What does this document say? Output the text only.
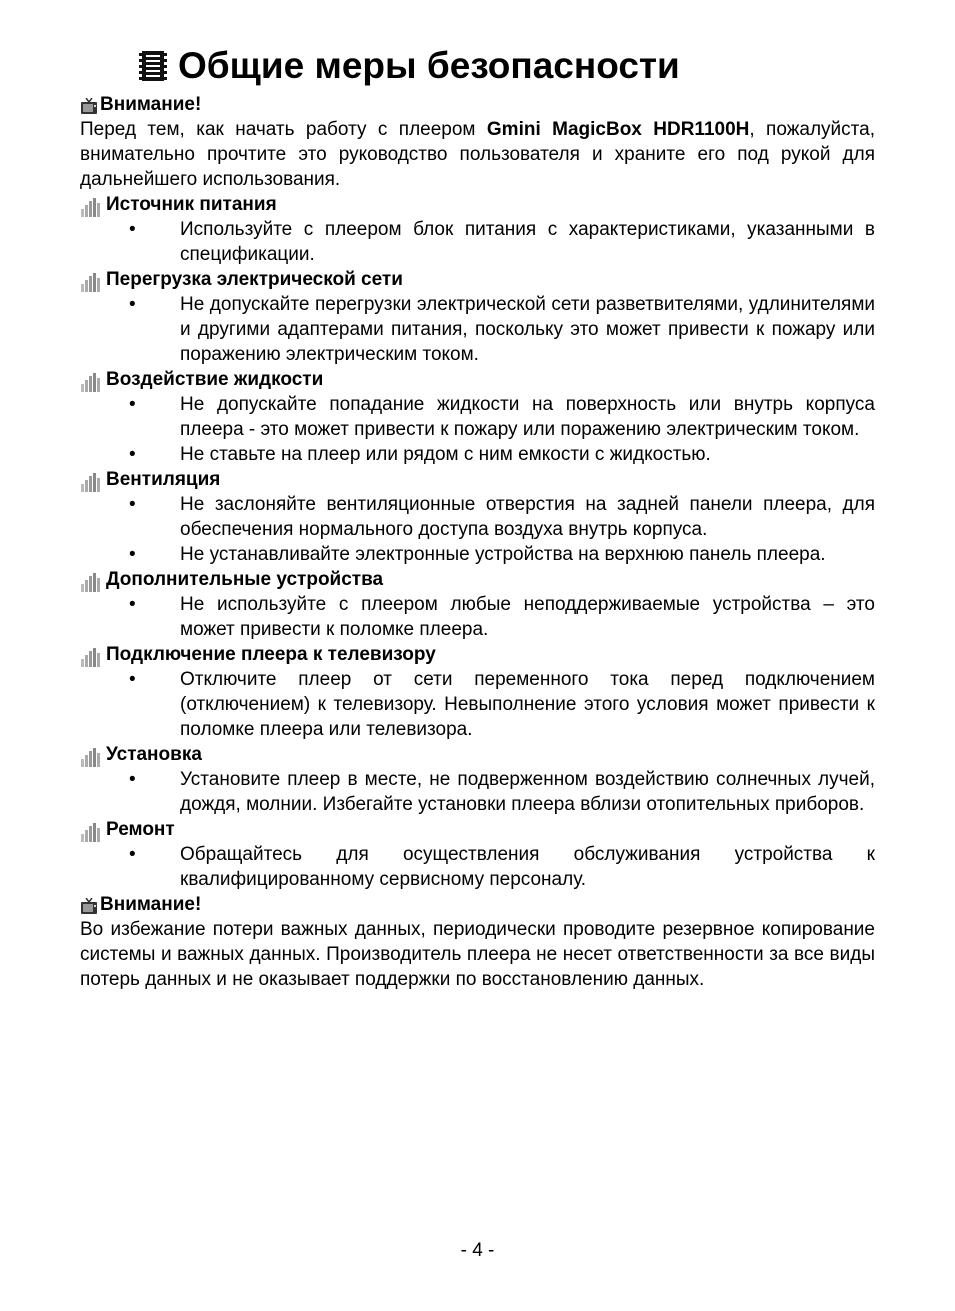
Общие меры безопасности
Внимание!
Перед тем, как начать работу с плеером Gmini MagicBox HDR1100H, пожалуйста, внимательно прочтите это руководство пользователя и храните его под рукой для дальнейшего использования.
Источник питания
•	Используйте с плеером блок питания с характеристиками, указанными в спецификации.
Перегрузка электрической сети
•	Не допускайте перегрузки электрической сети разветвителями, удлинителями и другими адаптерами питания, поскольку это может привести к пожару или поражению электрическим током.
Воздействие жидкости
•	Не допускайте попадание жидкости на поверхность или внутрь корпуса плеера - это может привести к пожару или поражению электрическим током.
•	Не ставьте на плеер или рядом с ним емкости с жидкостью.
Вентиляция
•	Не заслоняйте вентиляционные отверстия на задней панели плеера, для обеспечения нормального доступа воздуха внутрь корпуса.
•	Не устанавливайте электронные устройства на верхнюю панель плеера.
Дополнительные устройства
•	Не используйте с плеером любые неподдерживаемые устройства – это может привести к поломке плеера.
Подключение плеера к телевизору
•	Отключите плеер от сети переменного тока перед подключением (отключением) к телевизору. Невыполнение этого условия может привести к поломке плеера или телевизора.
Установка
•	Установите плеер в месте, не подверженном воздействию солнечных лучей, дождя, молнии. Избегайте установки плеера вблизи отопительных приборов.
Ремонт
•	Обращайтесь для осуществления обслуживания устройства к квалифицированному сервисному персоналу.
Внимание!
Во избежание потери важных данных, периодически проводите резервное копирование системы и важных данных. Производитель плеера не несет ответственности за все виды потерь данных и не оказывает поддержки по восстановлению данных.
- 4 -
